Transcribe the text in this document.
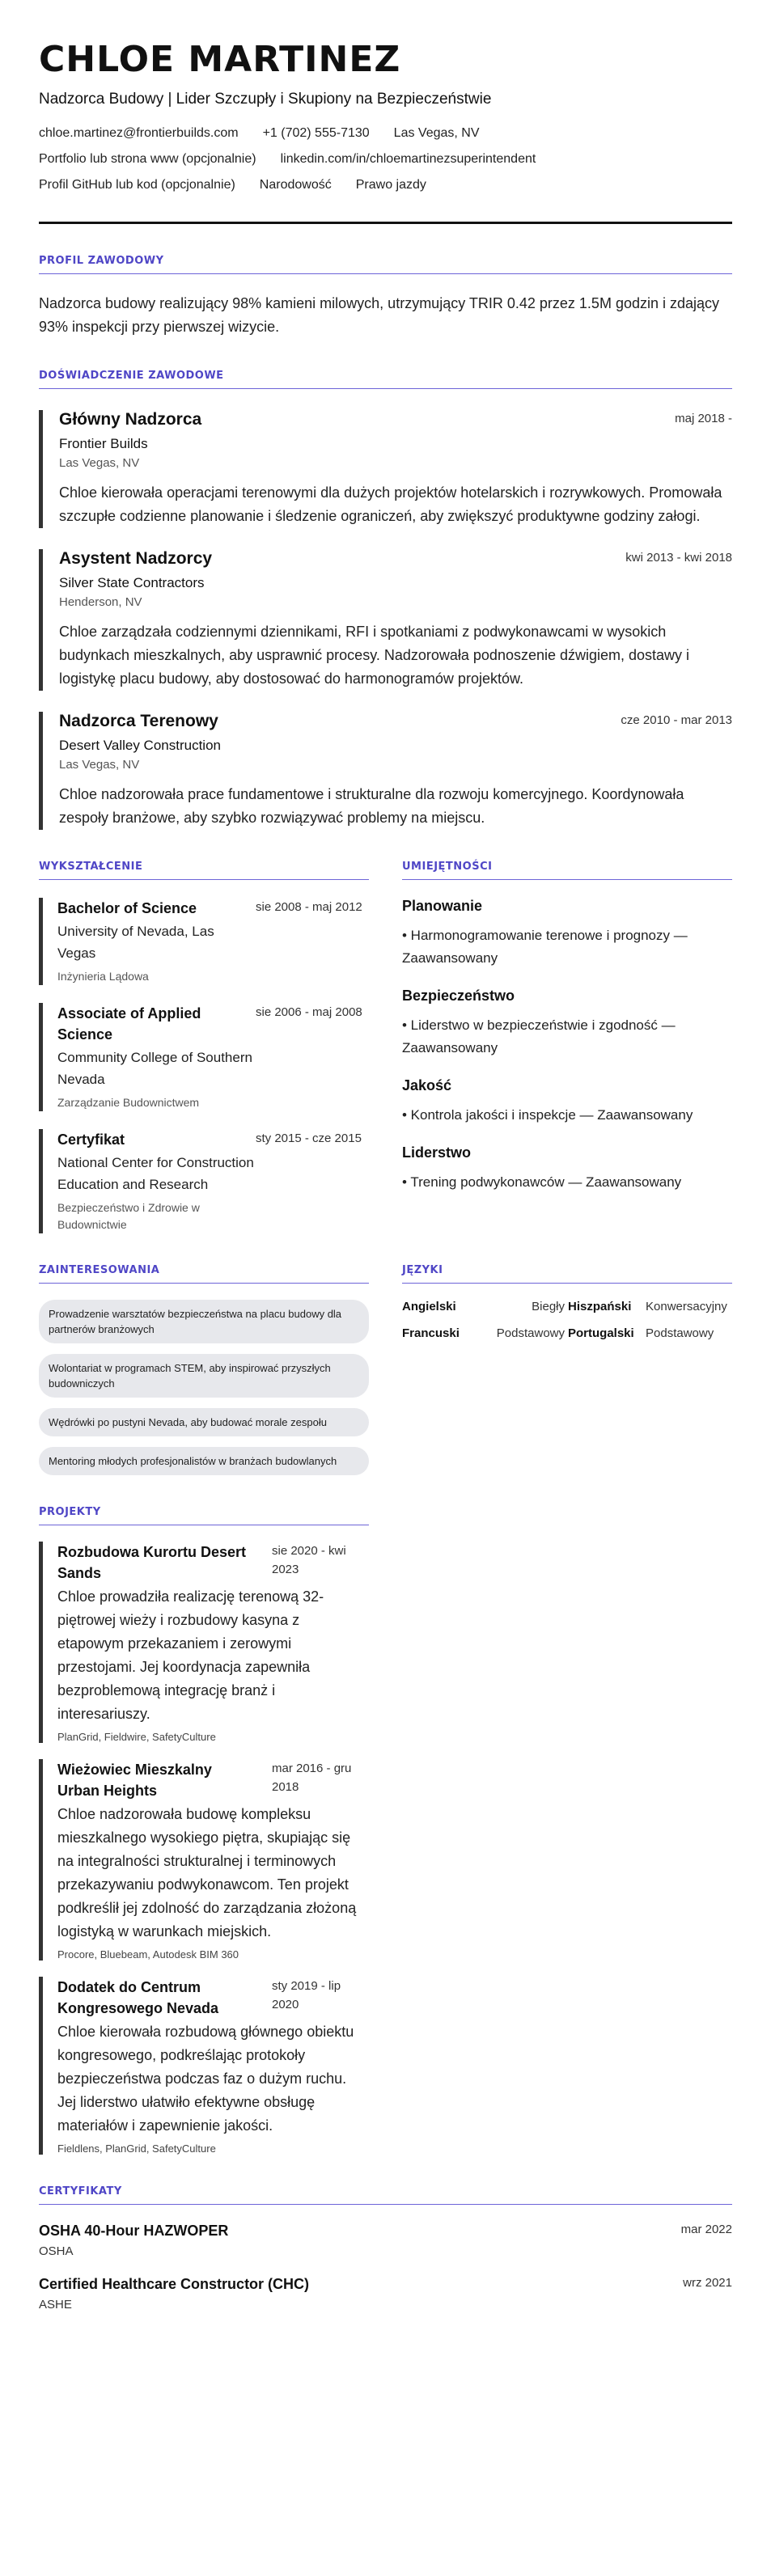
CHLOE MARTINEZ
Nadzorca Budowy | Lider Szczupły i Skupiony na Bezpieczeństwie
chloe.martinez@frontierbuilds.com +1 (702) 555-7130 Las Vegas, NV
Portfolio lub strona www (opcjonalnie) linkedin.com/in/chloemartinezsuperintendent
Profil GitHub lub kod (opcjonalnie) Narodowość Prawo jazdy
PROFIL ZAWODOWY
Nadzorca budowy realizujący 98% kamieni milowych, utrzymujący TRIR 0.42 przez 1.5M godzin i zdający 93% inspekcji przy pierwszej wizycie.
DOŚWIADCZENIE ZAWODOWE
Główny Nadzorca	maj 2018 -
Frontier Builds
Las Vegas, NV
Chloe kierowała operacjami terenowymi dla dużych projektów hotelarskich i rozrywkowych. Promowała szczupłe codzienne planowanie i śledzenie ograniczeń, aby zwiększyć produktywne godziny załogi.
Asystent Nadzorcy	kwi 2013 - kwi 2018
Silver State Contractors
Henderson, NV
Chloe zarządzała codziennymi dziennikami, RFI i spotkaniami z podwykonawcami w wysokich budynkach mieszkalnych, aby usprawnić procesy. Nadzorowała podnoszenie dźwigiem, dostawy i logistykę placu budowy, aby dostosować do harmonogramów projektów.
Nadzorca Terenowy	cze 2010 - mar 2013
Desert Valley Construction
Las Vegas, NV
Chloe nadzorowała prace fundamentowe i strukturalne dla rozwoju komercyjnego. Koordynowała zespoły branżowe, aby szybko rozwiązywać problemy na miejscu.
WYKSZTAŁCENIE
Bachelor of Science
University of Nevada, Las Vegas
Inżynieria Lądowa
sie 2008 - maj 2012
Associate of Applied Science
Community College of Southern Nevada
Zarządzanie Budownictwem
sie 2006 - maj 2008
Certyfikat
National Center for Construction Education and Research
Bezpieczeństwo i Zdrowie w Budownictwie
sty 2015 - cze 2015
UMIEJĘTNOŚCI
Planowanie
• Harmonogramowanie terenowe i prognozy — Zaawansowany
Bezpieczeństwo
• Liderstwo w bezpieczeństwie i zgodność — Zaawansowany
Jakość
• Kontrola jakości i inspekcje — Zaawansowany
Liderstwo
• Trening podwykonawców — Zaawansowany
ZAINTERESOWANIA
Prowadzenie warsztatów bezpieczeństwa na placu budowy dla partnerów branżowych
Wolontariat w programach STEM, aby inspirować przyszłych budowniczych
Wędrówki po pustyni Nevada, aby budować morale zespołu
Mentoring młodych profesjonalistów w branżach budowlanych
JĘZYKI
Angielski	Biegły Hiszpański	Konwersacyjny
Francuski	Podstawowy Portugalski Podstawowy
PROJEKTY
Rozbudowa Kurortu Desert Sands
sie 2020 - kwi 2023
Chloe prowadziła realizację terenową 32-piętrowej wieży i rozbudowy kasyna z etapowym przekazaniem i zerowymi przestojami. Jej koordynacja zapewniła bezproblemową integrację branż i interesariuszy.
PlanGrid, Fieldwire, SafetyCulture
Wieżowiec Mieszkalny Urban Heights
mar 2016 - gru 2018
Chloe nadzorowała budowę kompleksu mieszkalnego wysokiego piętra, skupiając się na integralności strukturalnej i terminowych przekazywaniu podwykonawcom. Ten projekt podkreślił jej zdolność do zarządzania złożoną logistyką w warunkach miejskich.
Procore, Bluebeam, Autodesk BIM 360
Dodatek do Centrum Kongresowego Nevada
sty 2019 - lip 2020
Chloe kierowała rozbudową głównego obiektu kongresowego, podkreślając protokoły bezpieczeństwa podczas faz o dużym ruchu. Jej liderstwo ułatwiło efektywne obsługę materiałów i zapewnienie jakości.
Fieldlens, PlanGrid, SafetyCulture
CERTYFIKATY
OSHA 40-Hour HAZWOPER	mar 2022
OSHA
Certified Healthcare Constructor (CHC)	wrz 2021
ASHE
